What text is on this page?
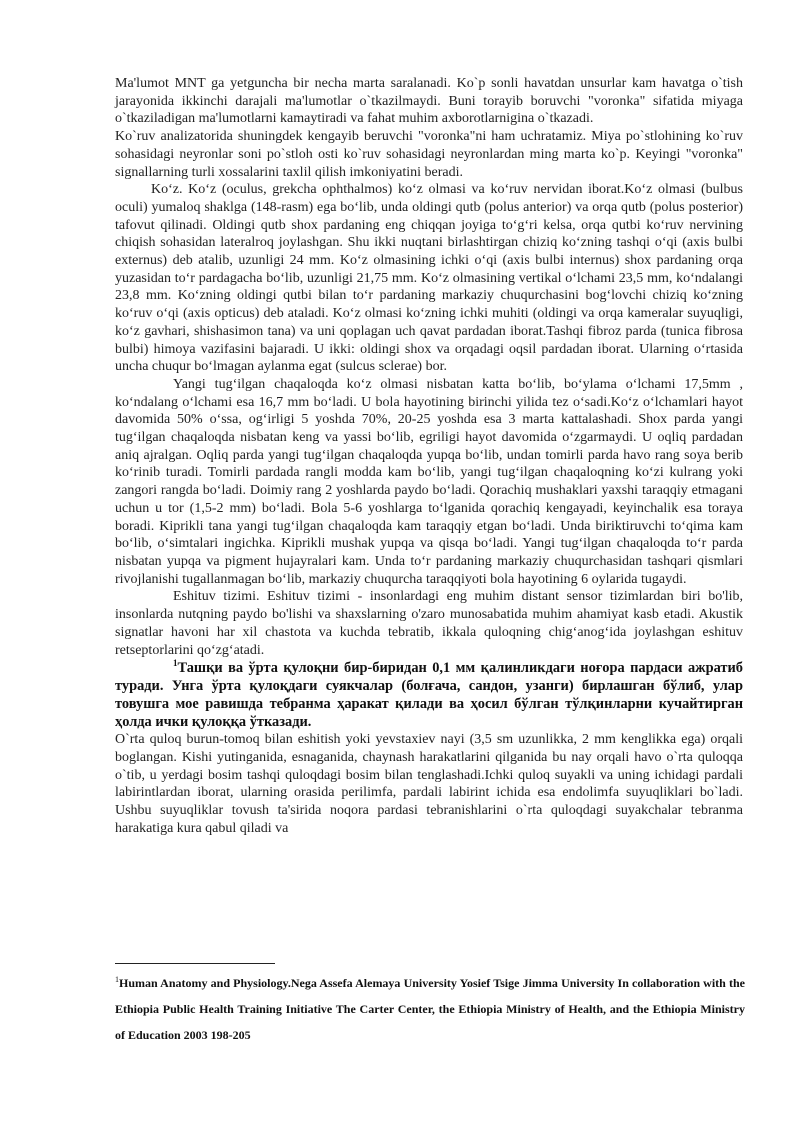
Ma'lumot MNT ga yetguncha bir necha marta saralanadi. Ko`p sonli havatdan unsurlar kam havatga o`tish jarayonida ikkinchi darajali ma'lumotlar o`tkazilmaydi. Buni torayib boruvchi "voronka" sifatida miyaga o`tkaziladigan ma'lumotlarni kamaytiradi va fahat muhim axborotlarnigina o`tkazadi.

Ko`ruv analizatorida shuningdek kengayib beruvchi "voronka"ni ham uchratamiz. Miya po`stlohining ko`ruv sohasidagi neyronlar soni po`stloh osti ko`ruv sohasidagi neyronlardan ming marta ko`p. Keyingi "voronka" signallarning turli xossalarini taxlil qilish imkoniyatini beradi.

Ko‘z. Ko‘z (oculus, grekcha ophthalmos) ko‘z olmasi va ko‘ruv nervidan iborat.Ko‘z olmasi (bulbus oculi) yumaloq shaklga (148-rasm) ega bo‘lib, unda oldingi qutb (polus anterior) va orqa qutb (polus posterior) tafovut qilinadi. Oldingi qutb shox pardaning eng chiqqan joyiga to‘g‘ri kelsa, orqa qutbi ko‘ruv nervining chiqish sohasidan lateralroq joylashgan. Shu ikki nuqtani birlashtirgan chiziq ko‘zning tashqi o‘qi (axis bulbi externus) deb atalib, uzunligi 24 mm. Ko‘z olmasining ichki o‘qi (axis bulbi internus) shox pardaning orqa yuzasidan to‘r pardagacha bo‘lib, uzunligi 21,75 mm. Ko‘z olmasining vertikal o‘lchami 23,5 mm, ko‘ndalangi 23,8 mm. Ko‘zning oldingi qutbi bilan to‘r pardaning markaziy chuqurchasini bog‘lovchi chiziq ko‘zning ko‘ruv o‘qi (axis opticus) deb ataladi. Ko‘z olmasi ko‘zning ichki muhiti (oldingi va orqa kameralar suyuqligi, ko‘z gavhari, shishasimon tana) va uni qoplagan uch qavat pardadan iborat.Tashqi fibroz parda (tunica fibrosa bulbi) himoya vazifasini bajaradi. U ikki: oldingi shox va orqadagi oqsil pardadan iborat. Ularning o‘rtasida uncha chuqur bo‘lmagan aylanma egat (sulcus sclerae) bor.

Yangi tug‘ilgan chaqaloqda ko‘z olmasi nisbatan katta bo‘lib, bo‘ylama o‘lchami 17,5mm , ko‘ndalang o‘lchami esa 16,7 mm bo‘ladi. U bola hayotining birinchi yilida tez o‘sadi.Ko‘z o‘lchamlari hayot davomida 50% o‘ssa, og‘irligi 5 yoshda 70%, 20-25 yoshda esa 3 marta kattalashadi. Shox parda yangi tug‘ilgan chaqaloqda nisbatan keng va yassi bo‘lib, egriligi hayot davomida o‘zgarmaydi. U oqliq pardadan aniq ajralgan. Oqliq parda yangi tug‘ilgan chaqaloqda yupqa bo‘lib, undan tomirli parda havo rang soya berib ko‘rinib turadi. Tomirli pardada rangli modda kam bo‘lib, yangi tug‘ilgan chaqaloqning ko‘zi kulrang yoki zangori rangda bo‘ladi. Doimiy rang 2 yoshlarda paydo bo‘ladi. Qorachiq mushaklari yaxshi taraqqiy etmagani uchun u tor (1,5-2 mm) bo‘ladi. Bola 5-6 yoshlarga to‘lganida qorachiq kengayadi, keyinchalik esa toraya boradi. Kiprikli tana yangi tug‘ilgan chaqaloqda kam taraqqiy etgan bo‘ladi. Unda biriktiruvchi to‘qima kam bo‘lib, o‘simtalari ingichka. Kiprikli mushak yupqa va qisqa bo‘ladi. Yangi tug‘ilgan chaqaloqda to‘r parda nisbatan yupqa va pigment hujayralari kam. Unda to‘r pardaning markaziy chuqurchasidan tashqari qismlari rivojlanishi tugallanmagan bo‘lib, markaziy chuqurcha taraqqiyoti bola hayotining 6 oylarida tugaydi.

Eshituv tizimi. Eshituv tizimi - insonlardagi eng muhim distant sensor tizimlardan biri bo'lib, insonlarda nutqning paydo bo'lishi va shaxslarning o'zaro munosabatida muhim ahamiyat kasb etadi. Akustik signatlar havoni har xil chastota va kuchda tebratib, ikkala quloqning chig‘anog‘ida joylashgan eshituv retseptorlarini qo‘zg‘atadi.

$^1$Ташқи ва ўрта қулоқни бир-биридан 0,1 мм қалинликдаги ноғора пардаси ажратиб туради. Унга ўрта қулоқдаги суякчалар (болғача, сандон, узанги) бирлашган бўлиб, улар товушга мое равишда тебранма ҳаракат қилади ва ҳосил бўлган тўлқинларни кучайтирган ҳолда ички қулоққа ўтказади.

O`rta quloq burun-tomoq bilan eshitish yoki yevstaxiev nayi (3,5 sm uzunlikka, 2 mm kenglikka ega) orqali boglangan. Kishi yutinganida, esnaganida, chaynash harakatlarini qilganida bu nay orqali havo o`rta quloqqa o`tib, u yerdagi bosim tashqi quloqdagi bosim bilan tenglashadi.Ichki quloq suyakli va uning ichidagi pardali labirintlardan iborat, ularning orasida perilimfa, pardali labirint ichida esa endolimfa suyuqliklari bo`ladi. Ushbu suyuqliklar tovush ta'sirida noqora pardasi tebranishlarini o`rta quloqdagi suyakchalar tebranma harakatiga kura qabul qiladi va

$^1$Human Anatomy and Physiology.Nega Assefa Alemaya University Yosief Tsige Jimma University In collaboration with the Ethiopia Public Health Training Initiative The Carter Center, the Ethiopia Ministry of Health, and the Ethiopia Ministry of Education 2003 198-205
